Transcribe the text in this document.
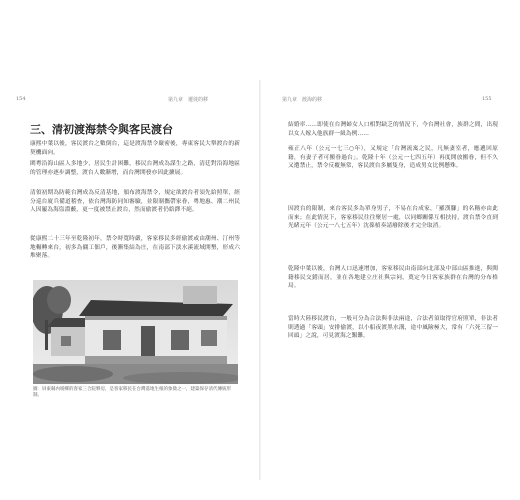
154	第九章　遷徙的移	第九章　渡海的移	155
三、清初渡海禁令與客民渡台

康熙中葉以後，客民渡台之數倒台，這是渡海禁令嚴密後，專東客民大舉渡台的新契機面向。

閩粵沿海山區人多地少，居民生計困難，移民台灣成為謀生之路，清廷對沿海地區的管理亦逐步調整，渡台人數漸增，而台灣開發亦因此擴展。

清領初期為防範台灣成為反清基地，頒布渡海禁令，規定欲渡台者須先給照單，經分巡台廈兵備道稽查，依台灣海防同知審驗，並限制攜帶家眷，粵地惠、潮二州民人因屢為海盜淵藪，更一度被禁止渡台，然而偷渡者仍絡繹不絕。

從康熙二十三年至乾隆初年，禁令時寬時嚴，客家移民多經偷渡或由潮州、汀州等地輾轉來台，初多為傭工佃戶，後漸集結為庄，在南部下淡水溪流域開墾，形成六堆聚落。

圖：屏東縣內埔鄉的客家三合院夥房，是客家移民在台灣落地生根的象徵之一，建築保存清代傳統形制。

結婚率……即使在台灣婦女人口相對缺乏的情況下，今台灣社會，族群之間，出現以女人嫁入他族群一級為例……

雍正八年（公元一七三○年），又規定「台灣流寓之民，凡無妻室者，應遞回原籍，有妻子者可搬眷過台」。乾隆十年（公元一七四五年）再度開放搬眷，但不久又遭禁止，禁令反覆無常，客民渡台多屬隻身，造成男女比例懸殊。

因渡台的限制，來台客民多為單身男子，不易在台成家，「羅漢腳」的名稱亦由此而來；在此情況下，客家移民往往聚居一處，以同鄉關係互相扶持，渡台禁令直到光緒元年（公元一八七五年）沈葆楨奏請廢除後才完全取消。

乾隆中葉以後，台灣人口迅速增加，客家移民由南部向北部及中部山區推進，與閩籍移民交錯而居，並在各地建立庄社與宗祠，奠定今日客家族群在台灣的分布格局。

當時大陸移民渡台，一般可分為合法與非法兩途，合法者須取得官府照單，非法者則透過「客頭」安排偷渡，以小船夜渡黑水溝，途中風險極大，常有「六死三留一回頭」之說，可見渡海之艱難。
